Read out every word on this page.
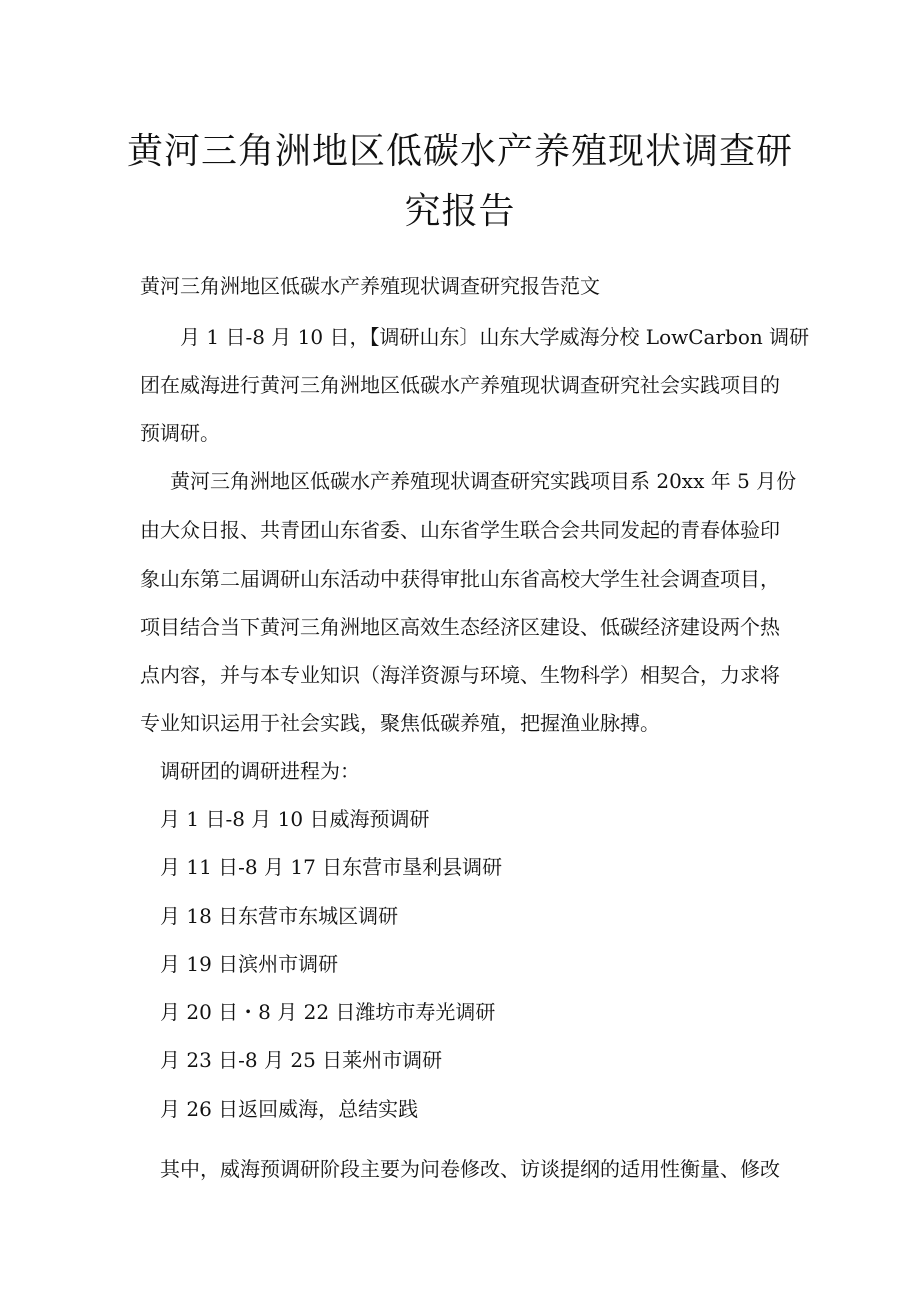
黄河三角洲地区低碳水产养殖现状调查研
究报告

黄河三角洲地区低碳水产养殖现状调查研究报告范文

月 1 日-8 月 10 日，【调研山东〕山东大学威海分校 LowCarbon 调研

团在威海进行黄河三角洲地区低碳水产养殖现状调查研究社会实践项目的

预调研。

黄河三角洲地区低碳水产养殖现状调查研究实践项目系 20xx 年 5 月份

由大众日报、共青团山东省委、山东省学生联合会共同发起的青春体验印

象山东第二届调研山东活动中获得审批山东省高校大学生社会调查项目，

项目结合当下黄河三角洲地区高效生态经济区建设、低碳经济建设两个热

点内容，并与本专业知识（海洋资源与环境、生物科学）相契合，力求将

专业知识运用于社会实践，聚焦低碳养殖，把握渔业脉搏。

调研团的调研进程为：

月 1 日-8 月 10 日威海预调研

月 11 日-8 月 17 日东营市垦利县调研

月 18 日东营市东城区调研

月 19 日滨州市调研

月 20 日・8 月 22 日潍坊市寿光调研

月 23 日-8 月 25 日莱州市调研

月 26 日返回威海，总结实践

其中，威海预调研阶段主要为问卷修改、访谈提纲的适用性衡量、修改
